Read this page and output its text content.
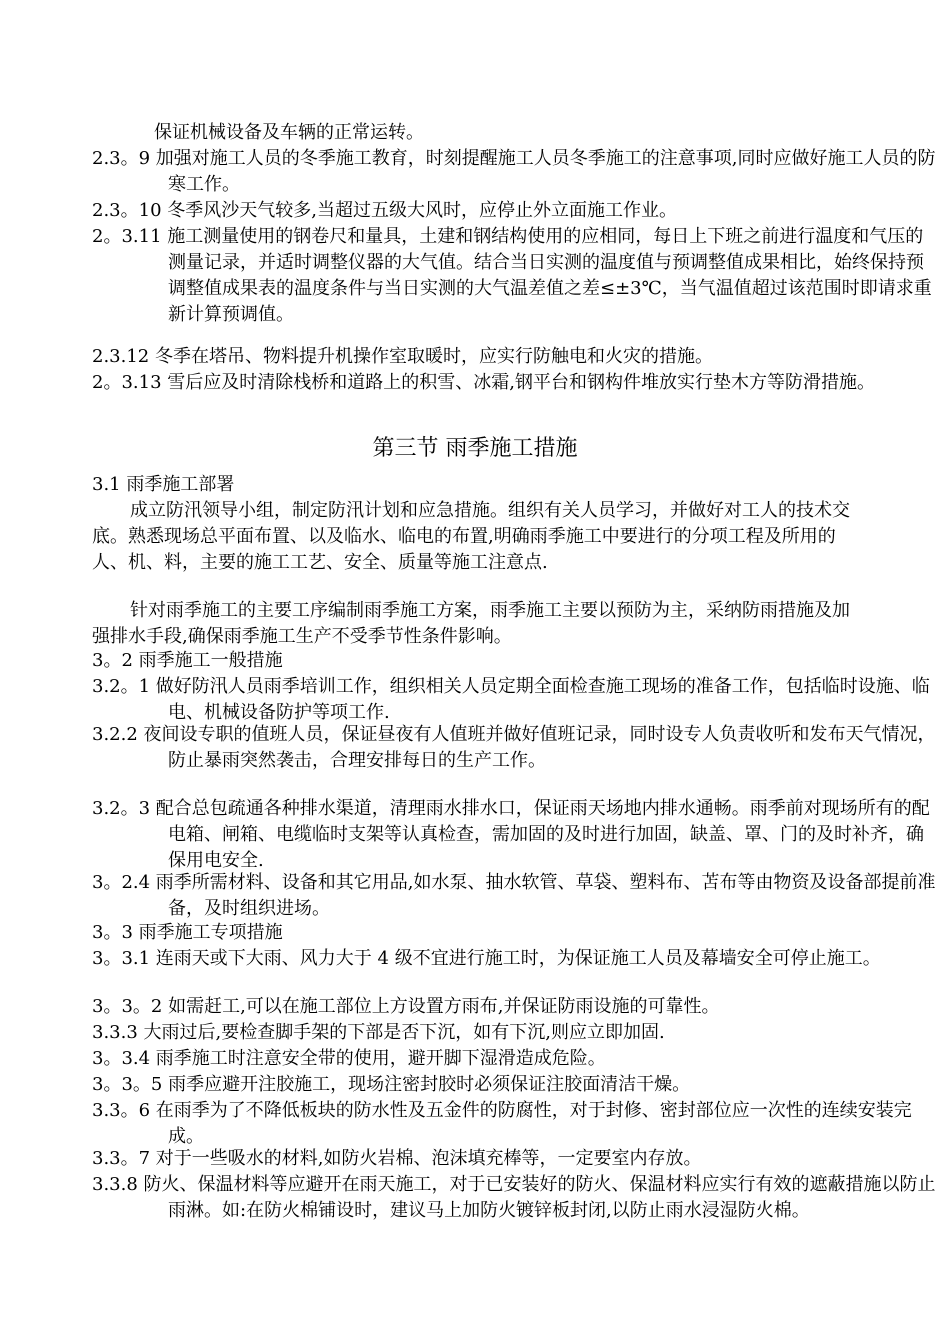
保证机械设备及车辆的正常运转。
2.3。9 加强对施工人员的冬季施工教育，时刻提醒施工人员冬季施工的注意事项,同时应做好施工人员的防寒工作。
2.3。10 冬季风沙天气较多,当超过五级大风时，应停止外立面施工作业。
2。3.11 施工测量使用的钢卷尺和量具，土建和钢结构使用的应相同，每日上下班之前进行温度和气压的测量记录，并适时调整仪器的大气值。结合当日实测的温度值与预调整值成果相比，始终保持预调整值成果表的温度条件与当日实测的大气温差值之差≤±3℃，当气温值超过该范围时即请求重新计算预调值。
2.3.12 冬季在塔吊、物料提升机操作室取暖时，应实行防触电和火灾的措施。
2。3.13 雪后应及时清除栈桥和道路上的积雪、冰霜,钢平台和钢构件堆放实行垫木方等防滑措施。
第三节 雨季施工措施
3.1 雨季施工部署
成立防汛领导小组，制定防汛计划和应急措施。组织有关人员学习，并做好对工人的技术交底。熟悉现场总平面布置、以及临水、临电的布置,明确雨季施工中要进行的分项工程及所用的人、机、料，主要的施工工艺、安全、质量等施工注意点.
针对雨季施工的主要工序编制雨季施工方案，雨季施工主要以预防为主，采纳防雨措施及加强排水手段,确保雨季施工生产不受季节性条件影响。
3。2 雨季施工一般措施
3.2。1 做好防汛人员雨季培训工作，组织相关人员定期全面检查施工现场的准备工作，包括临时设施、临电、机械设备防护等项工作.
3.2.2 夜间设专职的值班人员，保证昼夜有人值班并做好值班记录，同时设专人负责收听和发布天气情况，防止暴雨突然袭击，合理安排每日的生产工作。
3.2。3 配合总包疏通各种排水渠道，清理雨水排水口，保证雨天场地内排水通畅。雨季前对现场所有的配电箱、闸箱、电缆临时支架等认真检查，需加固的及时进行加固，缺盖、罩、门的及时补齐，确保用电安全.
3。2.4 雨季所需材料、设备和其它用品,如水泵、抽水软管、草袋、塑料布、苫布等由物资及设备部提前准备，及时组织进场。
3。3 雨季施工专项措施
3。3.1 连雨天或下大雨、风力大于 4 级不宜进行施工时，为保证施工人员及幕墙安全可停止施工。
3。3。2 如需赶工,可以在施工部位上方设置方雨布,并保证防雨设施的可靠性。
3.3.3 大雨过后,要检查脚手架的下部是否下沉，如有下沉,则应立即加固.
3。3.4 雨季施工时注意安全带的使用，避开脚下湿滑造成危险。
3。3。5 雨季应避开注胶施工，现场注密封胶时必须保证注胶面清洁干燥。
3.3。6 在雨季为了不降低板块的防水性及五金件的防腐性，对于封修、密封部位应一次性的连续安装完成。
3.3。7 对于一些吸水的材料,如防火岩棉、泡沫填充棒等，一定要室内存放。
3.3.8 防火、保温材料等应避开在雨天施工，对于已安装好的防火、保温材料应实行有效的遮蔽措施以防止雨淋。如:在防火棉铺设时，建议马上加防火镀锌板封闭,以防止雨水浸湿防火棉。
